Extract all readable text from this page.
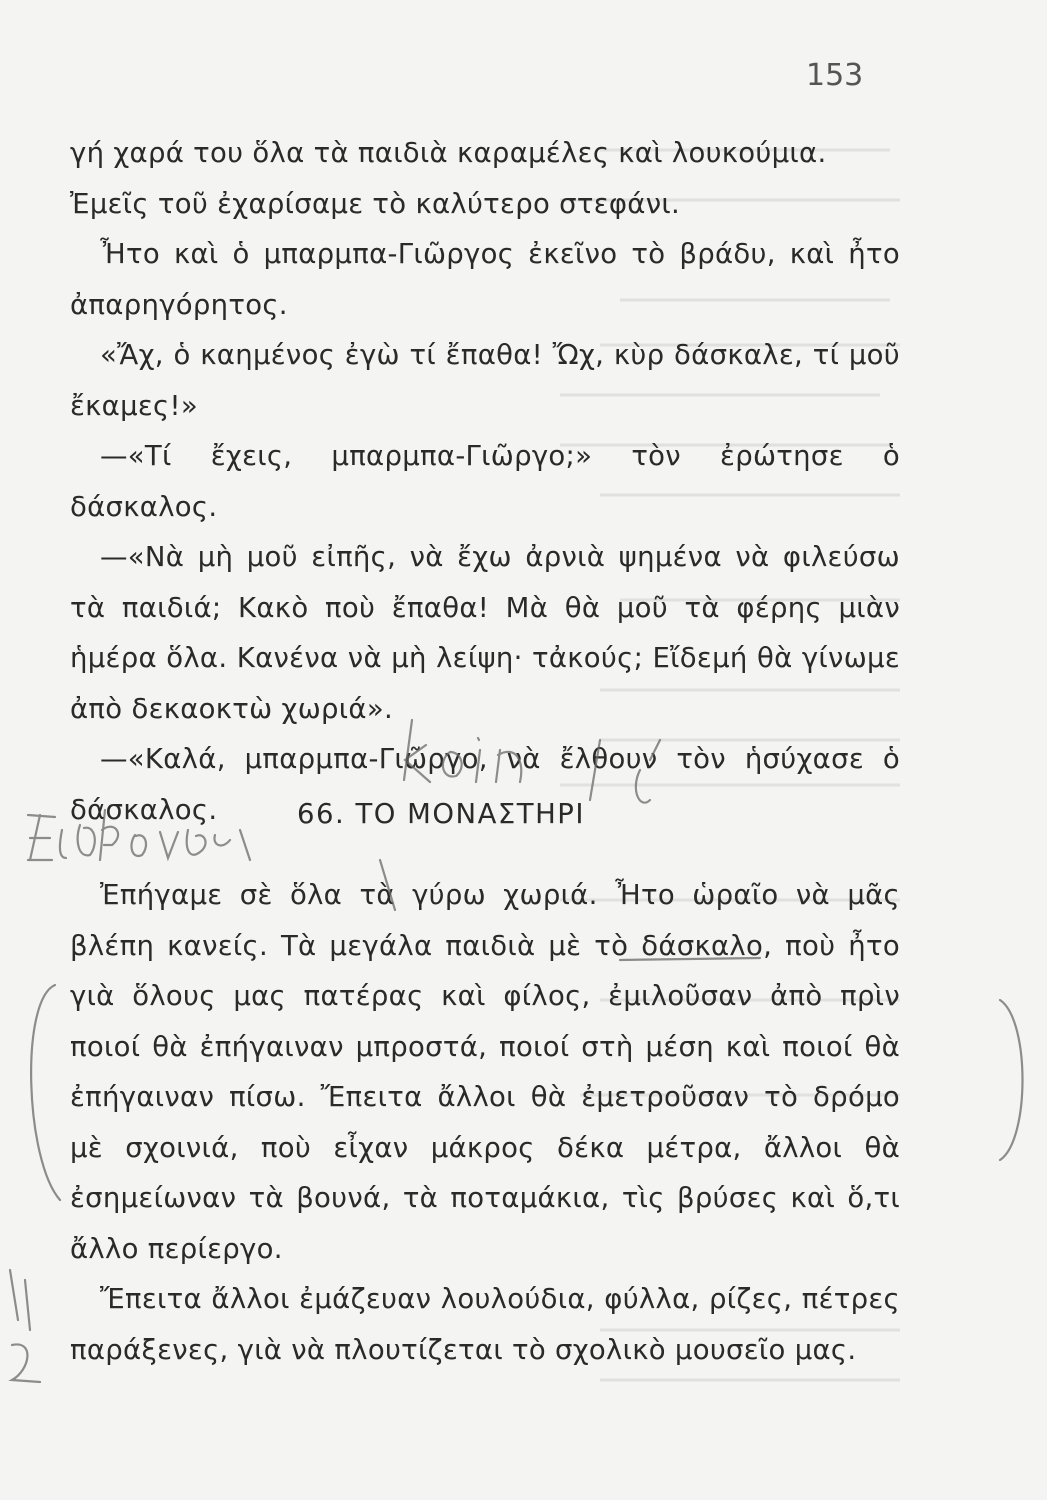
153

γή χαρά του ὅλα τὰ παιδιὰ καραμέλες καὶ λουκούμια.

Ἐμεῖς τοῦ ἐχαρίσαμε τὸ καλύτερο στεφάνι.

Ἦτο καὶ ὁ μπαρμπα-Γιῶργος ἐκεῖνο τὸ βράδυ, καὶ ἦτο ἀπαρηγόρητος.

«Ἄχ, ὁ καημένος ἐγὼ τί ἔπαθα! Ὤχ, κὺρ δάσκαλε, τί μοῦ ἔκαμες!»

—«Τί ἔχεις, μπαρμπα-Γιῶργο;» τὸν ἐρώτησε ὁ δάσκαλος.

—«Νὰ μὴ μοῦ εἰπῆς, νὰ ἔχω ἀρνιὰ ψημένα νὰ φιλεύσω τὰ παιδιά; Κακὸ ποὺ ἔπαθα! Μὰ θὰ μοῦ τὰ φέρης μιὰν ἡμέρα ὅλα. Κανένα νὰ μὴ λείψη· τἀκούς; Εἴδεμή θὰ γίνωμε ἀπὸ δεκαοκτὼ χωριά».

—«Καλά, μπαρμπα-Γιῶργο, νὰ ἔλθουν τὸν ἡσύχασε ὁ δάσκαλος.	66. ΤΟ ΜΟΝΑΣΤΗΡΙ

Ἐπήγαμε σὲ ὅλα τὰ γύρω χωριά. Ἦτο ὡραῖο νὰ μᾶς βλέπη κανείς. Τὰ μεγάλα παιδιὰ μὲ τὸ δάσκαλο, ποὺ ἦτο γιὰ ὅλους μας πατέρας καὶ φίλος, ἐμιλοῦσαν ἀπὸ πρὶν ποιοί θὰ ἐπήγαιναν μπροστά, ποιοί στὴ μέση καὶ ποιοί θὰ ἐπήγαιναν πίσω. Ἔπειτα ἄλλοι θὰ ἐμετροῦσαν τὸ δρόμο μὲ σχοινιά, ποὺ εἶχαν μάκρος δέκα μέτρα, ἄλλοι θὰ ἐσημείωναν τὰ βουνά, τὰ ποταμάκια, τὶς βρύσες καὶ ὅ,τι ἄλλο περίεργο.

Ἔπειτα ἄλλοι ἐμάζευαν λουλούδια, φύλλα, ρίζες, πέτρες παράξενες, γιὰ νὰ πλουτίζεται τὸ σχολικὸ μουσεῖο μας.
